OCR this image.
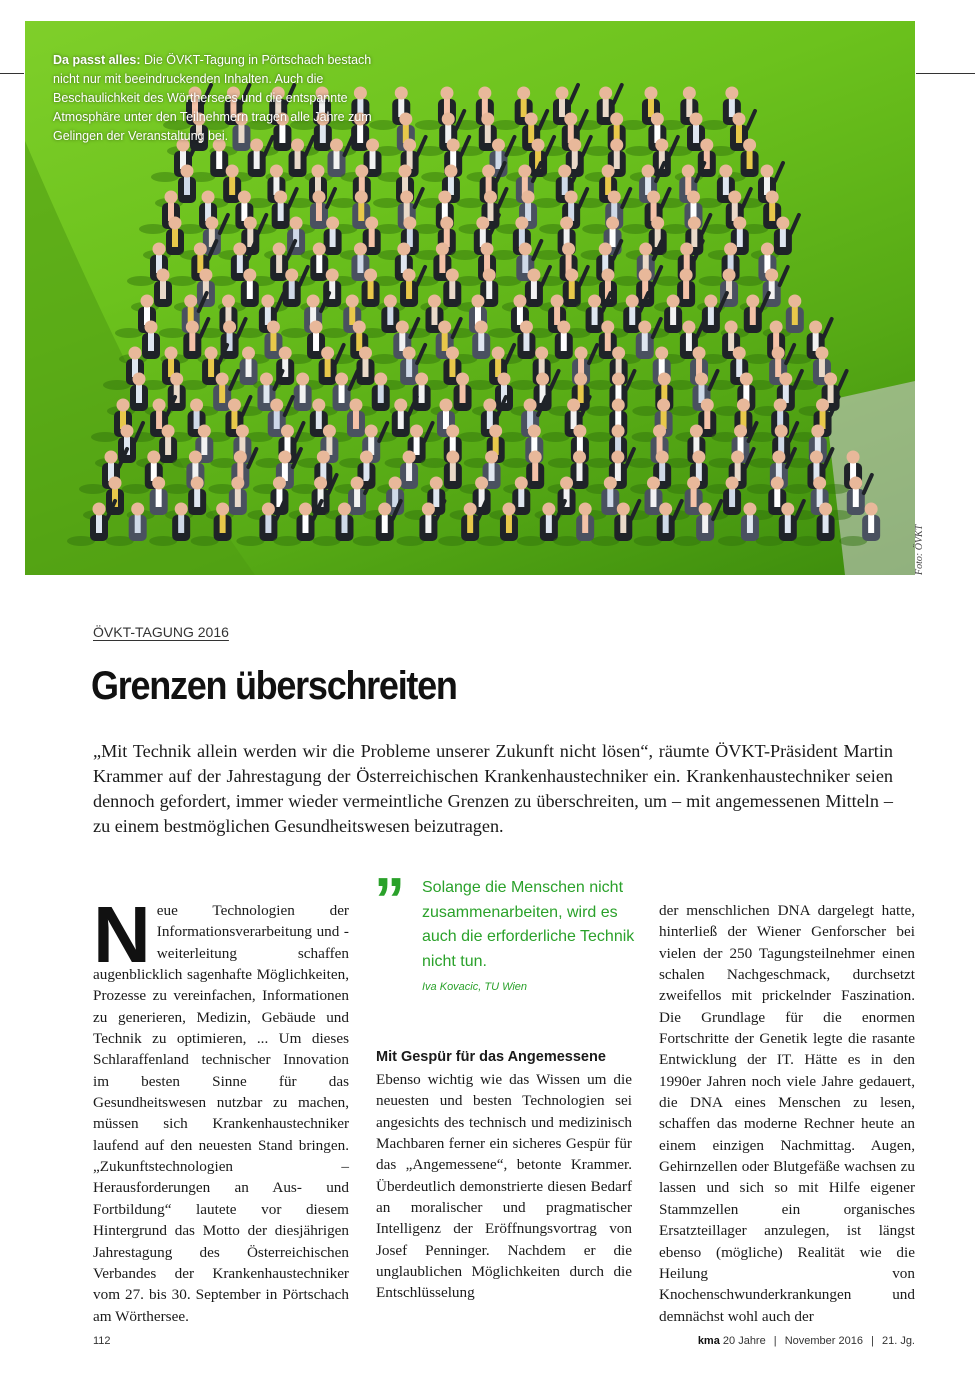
Da passt alles: Die ÖVKT-Tagung in Pörtschach bestach nicht nur mit beeindruckenden Inhalten. Auch die Beschaulichkeit des Wörthersees und die entspannte Atmosphäre unter den Teilnehmern tragen alle Jahre zum Gelingen der Veranstaltung bei.
Foto: ÖVKT
ÖVKT-TAGUNG 2016
Grenzen überschreiten
„Mit Technik allein werden wir die Probleme unserer Zukunft nicht lösen“, räumte ÖVKT-Präsident Martin Krammer auf der Jahrestagung der Österreichischen Krankenhaustechniker ein. Krankenhaustechniker seien dennoch gefordert, immer wieder vermeintliche Grenzen zu überschreiten, um – mit angemessenen Mitteln – zu einem bestmöglichen Gesundheitswesen beizutragen.
Neue Technologien der Informationsverarbeitung und -weiterleitung schaffen augenblicklich sagenhafte Möglichkeiten, Prozesse zu vereinfachen, Informationen zu generieren, Medizin, Gebäude und Technik zu optimieren, ... Um dieses Schlaraffenland technischer Innovation im besten Sinne für das Gesundheitswesen nutzbar zu machen, müssen sich Krankenhaustechniker laufend auf den neuesten Stand bringen. „Zukunftstechnologien – Herausforderungen an Aus- und Fortbildung“ lautete vor diesem Hintergrund das Motto der diesjährigen Jahrestagung des Österreichischen Verbandes der Krankenhaustechniker vom 27. bis 30. September in Pörtschach am Wörthersee.
” Solange die Menschen nicht zusammenarbeiten, wird es auch die erforderliche Technik nicht tun.
Iva Kovacic, TU Wien
Mit Gespür für das Angemessene
Ebenso wichtig wie das Wissen um die neuesten und besten Technologien sei angesichts des technisch und medizinisch Machbaren ferner ein sicheres Gespür für das „Angemessene“, betonte Krammer. Überdeutlich demonstrierte diesen Bedarf an moralischer und pragmatischer Intelligenz der Eröffnungsvortrag von Josef Penninger. Nachdem er die unglaublichen Möglichkeiten durch die Entschlüsselung
der menschlichen DNA dargelegt hatte, hinterließ der Wiener Genforscher bei vielen der 250 Tagungsteilnehmer einen schalen Nachgeschmack, durchsetzt zweifellos mit prickelnder Faszination. Die Grundlage für die enormen Fortschritte der Genetik legte die rasante Entwicklung der IT. Hätte es in den 1990er Jahren noch viele Jahre gedauert, die DNA eines Menschen zu lesen, schaffen das moderne Rechner heute an einem einzigen Nachmittag. Augen, Gehirnzellen oder Blutgefäße wachsen zu lassen und sich so mit Hilfe eigener Stammzellen ein organisches Ersatzteillager anzulegen, ist längst ebenso (mögliche) Realität wie die Heilung von Knochenschwunderkrankungen und demnächst wohl auch der
112	kma 20 Jahre | November 2016 | 21. Jg.
